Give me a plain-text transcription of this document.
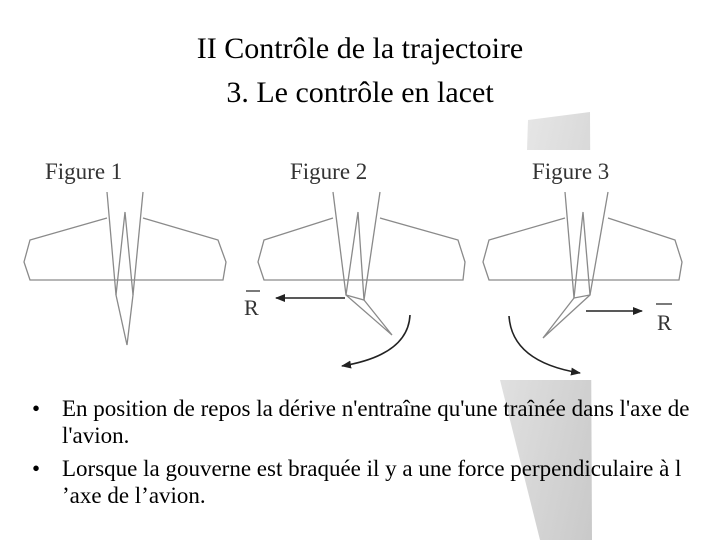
II Contrôle de la trajectoire
3. Le contrôle en lacet
Figure 1	Figure 2	Figure 3
R
R
• En position de repos la dérive n'entraîne qu'une traînée dans l'axe de l'avion.
• Lorsque la gouverne est braquée il y a une force perpendiculaire à l ’axe de l’avion.
